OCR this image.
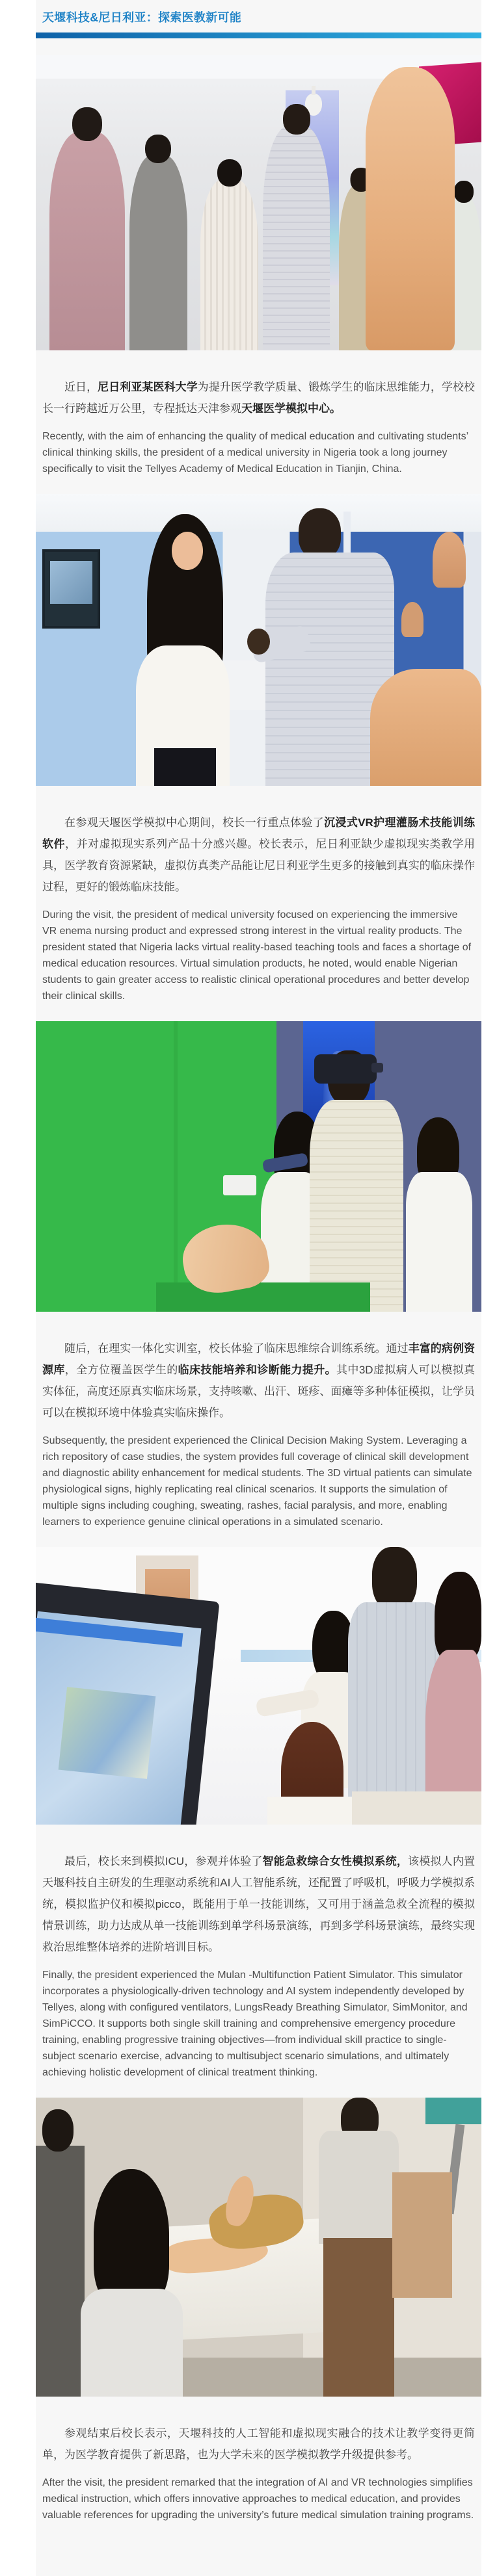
天堰科技&尼日利亚：探索医教新可能

近日，尼日利亚某医科大学为提升医学教学质量、锻炼学生的临床思维能力，学校校长一行跨越近万公里，专程抵达天津参观天堰医学模拟中心。

Recently, with the aim of enhancing the quality of medical education and cultivating students’ clinical thinking skills, the president of a medical university in Nigeria took a long journey specifically to visit the Tellyes Academy of Medical Education in Tianjin, China.

在参观天堰医学模拟中心期间，校长一行重点体验了沉浸式VR护理灌肠术技能训练软件，并对虚拟现实系列产品十分感兴趣。校长表示，尼日利亚缺少虚拟现实类教学用具，医学教育资源紧缺，虚拟仿真类产品能让尼日利亚学生更多的接触到真实的临床操作过程，更好的锻炼临床技能。

During the visit, the president of medical university focused on experiencing the immersive VR enema nursing product and expressed strong interest in the virtual reality products. The president stated that Nigeria lacks virtual reality-based teaching tools and faces a shortage of medical education resources. Virtual simulation products, he noted, would enable Nigerian students to gain greater access to realistic clinical operational procedures and better develop their clinical skills.

随后，在理实一体化实训室，校长体验了临床思维综合训练系统。通过丰富的病例资源库，全方位覆盖医学生的临床技能培养和诊断能力提升。其中3D虚拟病人可以模拟真实体征，高度还原真实临床场景，支持咳嗽、出汗、斑疹、面瘫等多种体征模拟，让学员可以在模拟环境中体验真实临床操作。

Subsequently, the president experienced the Clinical Decision Making System. Leveraging a rich repository of case studies, the system provides full coverage of clinical skill development and diagnostic ability enhancement for medical students. The 3D virtual patients can simulate physiological signs, highly replicating real clinical scenarios. It supports the simulation of multiple signs including coughing, sweating, rashes, facial paralysis, and more, enabling learners to experience genuine clinical operations in a simulated scenario.

最后，校长来到模拟ICU，参观并体验了智能急救综合女性模拟系统，该模拟人内置天堰科技自主研发的生理驱动系统和AI人工智能系统，还配置了呼吸机，呼吸力学模拟系统，模拟监护仪和模拟picco，既能用于单一技能训练，又可用于涵盖急救全流程的模拟情景训练，助力达成从单一技能训练到单学科场景演练，再到多学科场景演练，最终实现救治思维整体培养的进阶培训目标。

Finally, the president experienced the Mulan -Multifunction Patient Simulator. This simulator incorporates a physiologically-driven technology and AI system independently developed by Tellyes, along with configured ventilators, LungsReady Breathing Simulator, SimMonitor, and SimPiCCO. It supports both single skill training and comprehensive emergency procedure training, enabling progressive training objectives—from individual skill practice to single-subject scenario exercise, advancing to multisubject scenario simulations, and ultimately achieving holistic development of clinical treatment thinking.

参观结束后校长表示，天堰科技的人工智能和虚拟现实融合的技术让教学变得更简单，为医学教育提供了新思路，也为大学未来的医学模拟教学升级提供参考。

After the visit, the president remarked that the integration of AI and VR technologies simplifies medical instruction, which offers innovative approaches to medical education, and provides valuable references for upgrading the university’s future medical simulation training programs.
